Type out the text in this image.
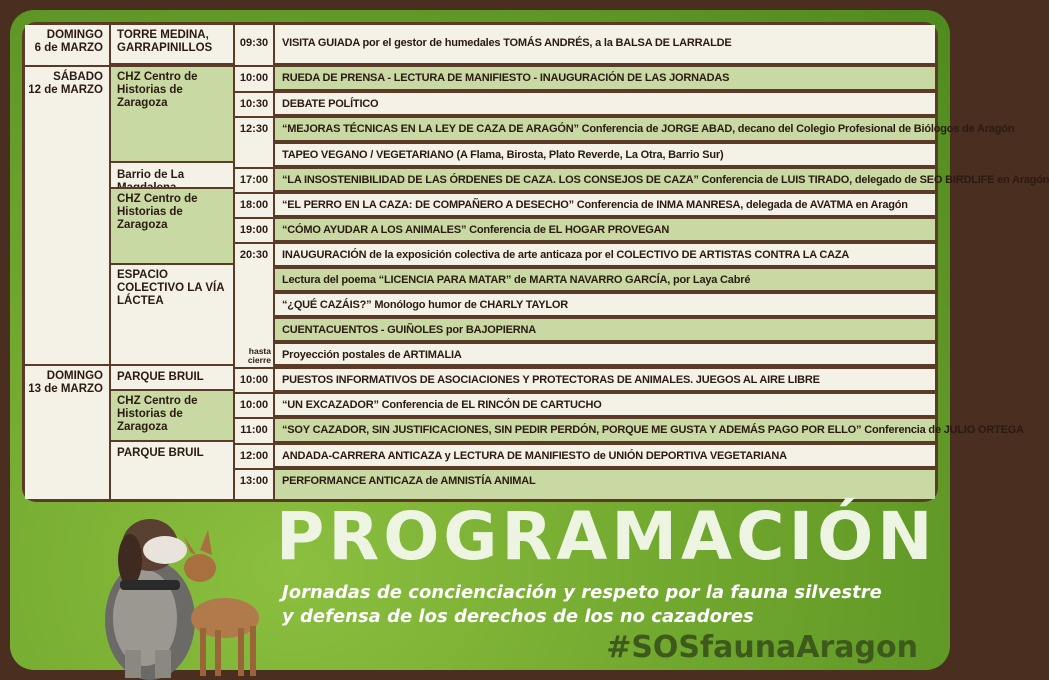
DOMINGO
6 de MARZO
SÁBADO
12 de MARZO
DOMINGO
13 de MARZO
TORRE MEDINA, GARRAPINILLOS
CHZ Centro de Historias de Zaragoza
Barrio de La
CHZ Centro de Historias de Zaragoza
ESPACIO COLECTIVO LA VÍA LÁCTEA
PARQUE BRUIL
CHZ Centro de Historias de Zaragoza
PARQUE BRUIL
hasta cierre
VISITA GUIADA por el gestor de humedales TOMÁS ANDRÉS, a la BALSA DE LARRALDE
09:30
RUEDA DE PRENSA - LECTURA DE MANIFIESTO - INAUGURACIÓN DE LAS JORNADAS
10:00
DEBATE POLÍTICO
10:30
“MEJORAS TÉCNICAS EN LA LEY DE CAZA DE ARAGÓN” Conferencia de JORGE ABAD, decano del Colegio Profesional de Biólogos de Aragón
12:30
TAPEO VEGANO / VEGETARIANO (A Flama, Birosta, Plato Reverde, La Otra, Barrio Sur)
“LA INSOSTENIBILIDAD DE LAS ÓRDENES DE CAZA. LOS CONSEJOS DE CAZA” Conferencia de LUIS TIRADO, delegado de SEO BIRDLIFE en Aragón
17:00
“EL PERRO EN LA CAZA: DE COMPAÑERO A DESECHO” Conferencia de INMA MANRESA, delegada de AVATMA en Aragón
18:00
“CÓMO AYUDAR A LOS ANIMALES” Conferencia de EL HOGAR PROVEGAN
19:00
INAUGURACIÓN de la exposición colectiva de arte anticaza por el COLECTIVO DE ARTISTAS CONTRA LA CAZA
20:30
Lectura del poema “LICENCIA PARA MATAR” de MARTA NAVARRO GARCÍA, por Laya Cabré
“¿QUÉ CAZÁIS?” Monólogo humor de CHARLY TAYLOR
CUENTACUENTOS - GUIÑOLES por BAJOPIERNA
Proyección postales de ARTIMALIA
PUESTOS INFORMATIVOS DE ASOCIACIONES Y PROTECTORAS DE ANIMALES. JUEGOS AL AIRE LIBRE
10:00
“UN EXCAZADOR” Conferencia de EL RINCÓN DE CARTUCHO
10:00
“SOY CAZADOR, SIN JUSTIFICACIONES, SIN PEDIR PERDÓN, PORQUE ME GUSTA Y ADEMÁS PAGO POR ELLO” Conferencia de JULIO ORTEGA
11:00
ANDADA-CARRERA ANTICAZA y LECTURA DE MANIFIESTO de UNIÓN DEPORTIVA VEGETARIANA
12:00
PERFORMANCE ANTICAZA de AMNISTÍA ANIMAL
13:00
PROGRAMACIÓN
Jornadas de concienciación y respeto por la fauna silvestre
y defensa de los derechos de los no cazadores
#SOSfaunaAragon
